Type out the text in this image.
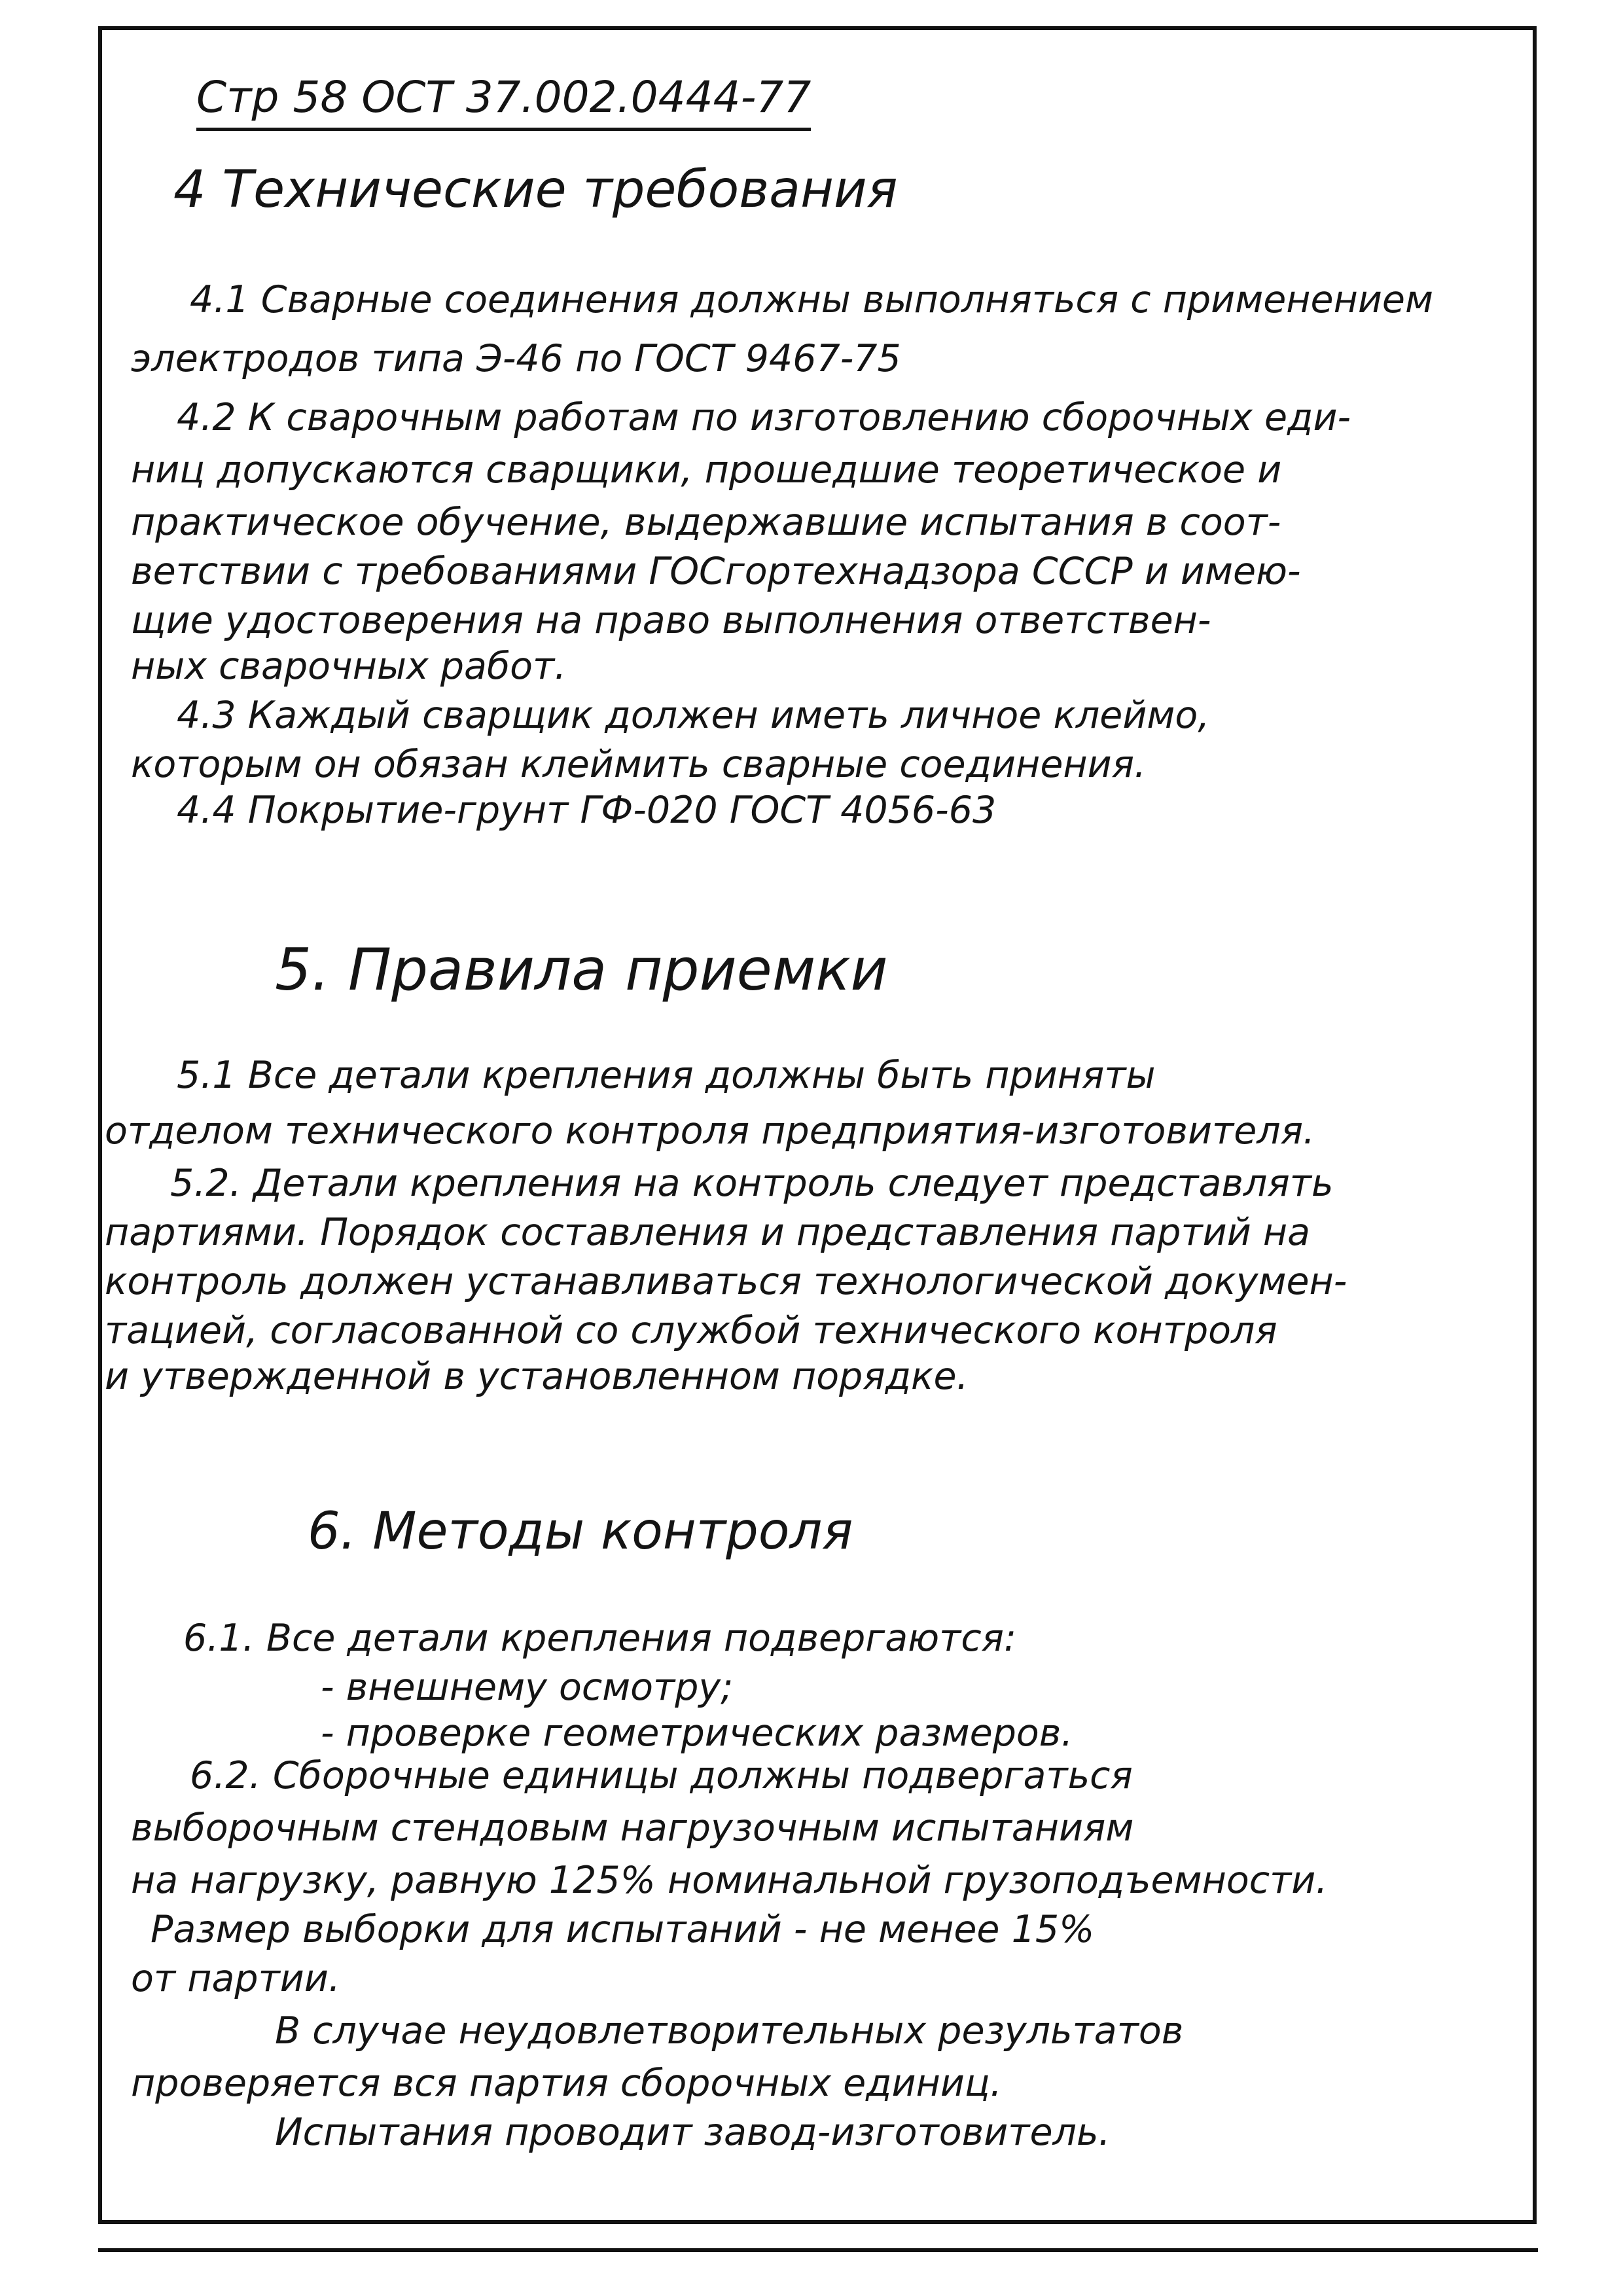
Стр 58 ОСТ 37.002.0444-77
4 Технические требования
4.1 Сварные соединения должны выполняться с применением
электродов типа Э-46 по ГОСТ 9467-75
4.2 К сварочным работам по изготовлению сборочных еди-
ниц допускаются сварщики, прошедшие теоретическое и
практическое обучение, выдержавшие испытания в соот-
ветствии с требованиями ГОСгортехнадзора СССР и имею-
щие удостоверения на право выполнения ответствен-
ных сварочных работ.
4.3 Каждый сварщик должен иметь личное клеймо,
которым он обязан клеймить сварные соединения.
4.4 Покрытие-грунт ГФ-020 ГОСТ 4056-63
5. Правила приемки
5.1 Все детали крепления должны быть приняты
отделом технического контроля предприятия-изготовителя.
5.2. Детали крепления на контроль следует представлять
партиями. Порядок составления и представления партий на
контроль должен устанавливаться технологической докумен-
тацией, согласованной со службой технического контроля
и утвержденной в установленном порядке.
6. Методы контроля
6.1. Все детали крепления подвергаются:
- внешнему осмотру;
- проверке геометрических размеров.
6.2. Сборочные единицы должны подвергаться
выборочным стендовым нагрузочным испытаниям
на нагрузку, равную 125% номинальной грузоподъемности.
Размер выборки для испытаний - не менее 15%
от партии.
В случае неудовлетворительных результатов
проверяется вся партия сборочных единиц.
Испытания проводит завод-изготовитель.
